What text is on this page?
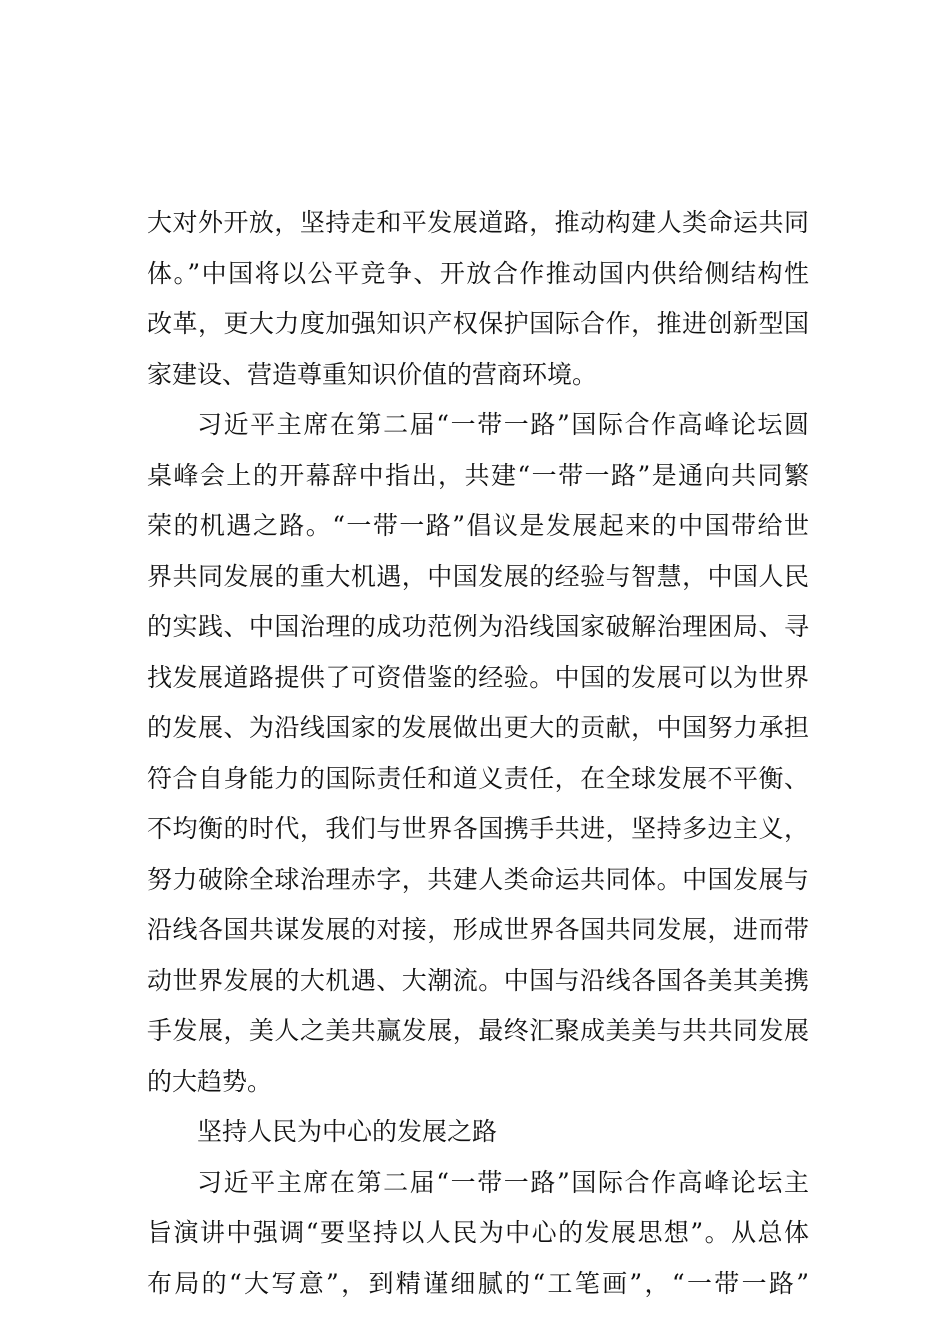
大对外开放，坚持走和平发展道路，推动构建人类命运共同
体。”中国将以公平竞争、开放合作推动国内供给侧结构性
改革，更大力度加强知识产权保护国际合作，推进创新型国
家建设、营造尊重知识价值的营商环境。
习近平主席在第二届“一带一路”国际合作高峰论坛圆
桌峰会上的开幕辞中指出，共建“一带一路”是通向共同繁
荣的机遇之路。“一带一路”倡议是发展起来的中国带给世
界共同发展的重大机遇，中国发展的经验与智慧，中国人民
的实践、中国治理的成功范例为沿线国家破解治理困局、寻
找发展道路提供了可资借鉴的经验。中国的发展可以为世界
的发展、为沿线国家的发展做出更大的贡献，中国努力承担
符合自身能力的国际责任和道义责任，在全球发展不平衡、
不均衡的时代，我们与世界各国携手共进，坚持多边主义，
努力破除全球治理赤字，共建人类命运共同体。中国发展与
沿线各国共谋发展的对接，形成世界各国共同发展，进而带
动世界发展的大机遇、大潮流。中国与沿线各国各美其美携
手发展，美人之美共赢发展，最终汇聚成美美与共共同发展
的大趋势。
坚持人民为中心的发展之路
习近平主席在第二届“一带一路”国际合作高峰论坛主
旨演讲中强调“要坚持以人民为中心的发展思想”。从总体
布局的“大写意”，到精谨细腻的“工笔画”，“一带一路”
